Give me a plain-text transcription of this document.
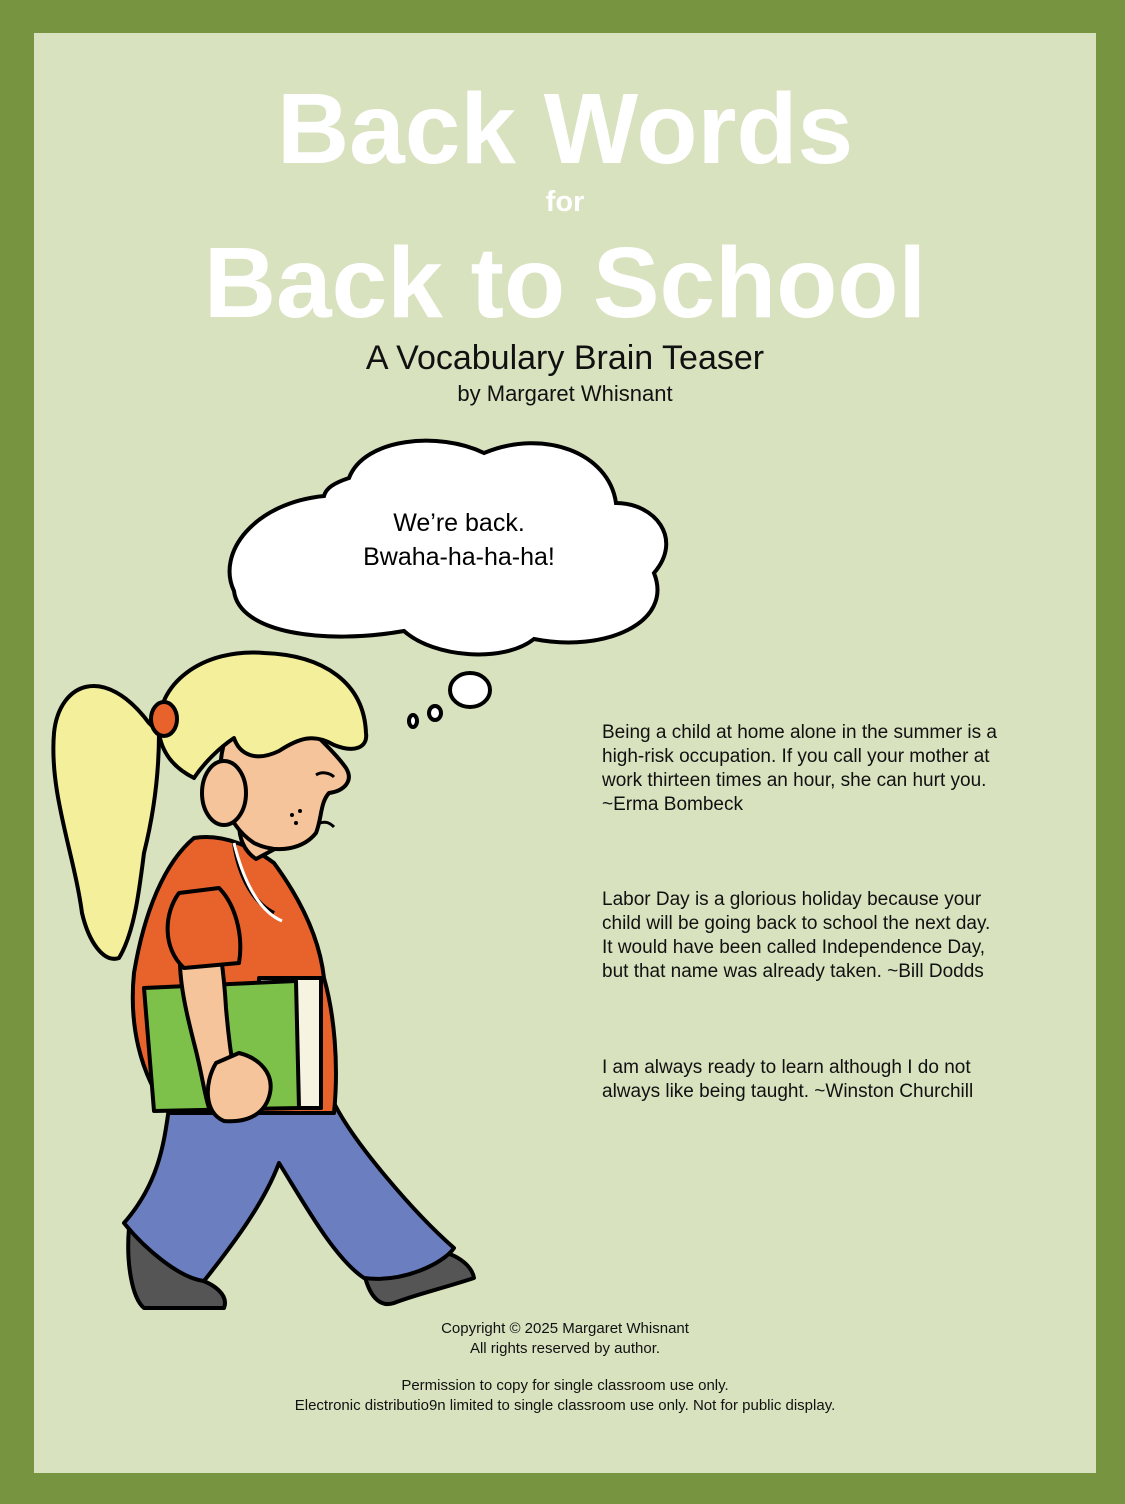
Back Words
for
Back to School
A Vocabulary Brain Teaser
by Margaret Whisnant
We’re back.
Bwaha-ha-ha-ha!

Being a child at home alone in the summer is a
high-risk occupation. If you call your mother at
work thirteen times an hour, she can hurt you.
~Erma Bombeck

Labor Day is a glorious holiday because your
child will be going back to school the next day.
It would have been called Independence Day,
but that name was already taken. ~Bill Dodds

I am always ready to learn although I do not
always like being taught. ~Winston Churchill

Copyright © 2025 Margaret Whisnant
All rights reserved by author.
Permission to copy for single classroom use only.
Electronic distributio9n limited to single classroom use only. Not for public display.
